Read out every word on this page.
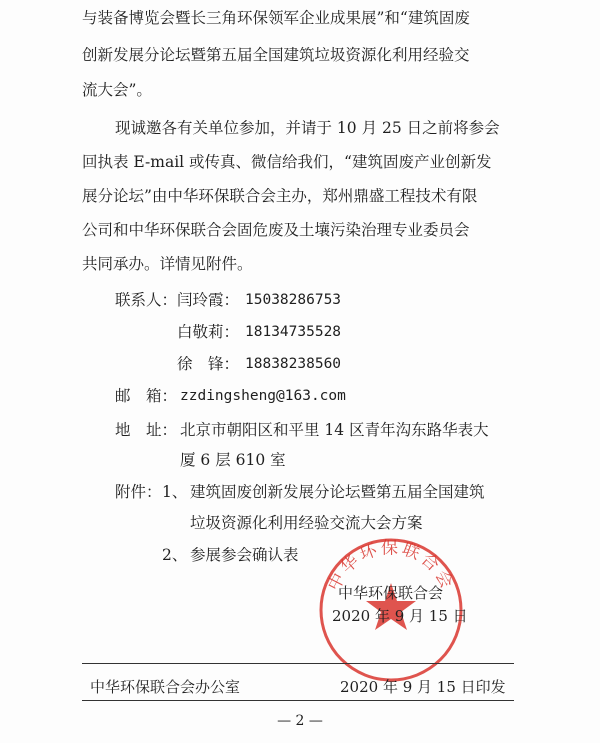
与装备博览会暨长三角环保领军企业成果展”和“建筑固废
创新发展分论坛暨第五届全国建筑垃圾资源化利用经验交
流大会”。
现诚邀各有关单位参加，并请于 10 月 25 日之前将参会
回执表 E-mail 或传真、微信给我们，“建筑固废产业创新发
展分论坛”由中华环保联合会主办，郑州鼎盛工程技术有限
公司和中华环保联合会固危废及土壤污染治理专业委员会
共同承办。详情见附件。
联系人： 闫玲霞： 15038286753
白敬莉： 18134735528
徐　锋： 18838238560
邮　箱： zzdingsheng@163.com
地　址： 北京市朝阳区和平里 14 区青年沟东路华表大
厦 6 层 610 室
附件： 1、 建筑固废创新发展分论坛暨第五届全国建筑
垃圾资源化利用经验交流大会方案
2、 参展参会确认表
中华环保联合会
中华环保联合会
2020 年 9 月 15 日
中华环保联合会办公室	2020 年 9 月 15 日印发
— 2 —
